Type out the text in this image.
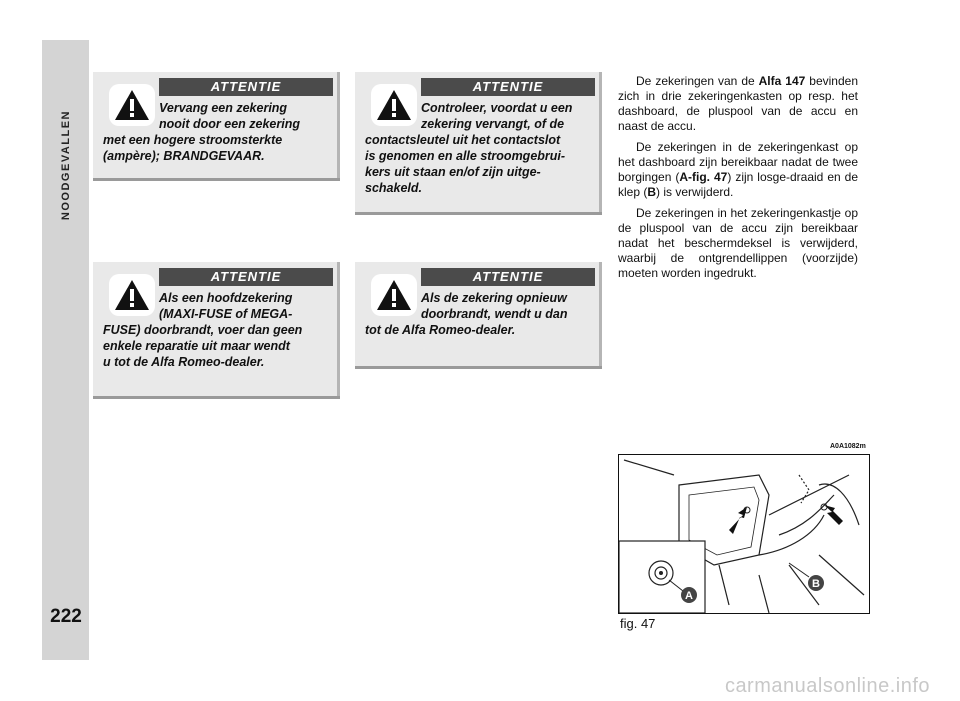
NOODGEVALLEN
222
ATTENTIE
Vervang een zekering
nooit door een zekering
met een hogere stroomsterkte
(ampère); BRANDGEVAAR.
ATTENTIE
Controleer, voordat u een
zekering vervangt, of de
contactsleutel uit het contactslot
is genomen en alle stroomgebrui-
kers uit staan en/of zijn uitge-
schakeld.
ATTENTIE
Als een hoofdzekering
(MAXI-FUSE of MEGA-
FUSE) doorbrandt, voer dan geen
enkele reparatie uit maar wendt
u tot de Alfa Romeo-dealer.
ATTENTIE
Als de zekering opnieuw
doorbrandt, wendt u dan
tot de Alfa Romeo-dealer.

De zekeringen van de Alfa 147 bevinden zich in drie zekeringenkasten op resp. het dashboard, de pluspool van de accu en naast de accu.

De zekeringen in de zekeringenkast op het dashboard zijn bereikbaar nadat de twee borgingen (A-fig. 47) zijn losge-draaid en de klep (B) is verwijderd.

De zekeringen in het zekeringenkastje op de pluspool van de accu zijn bereikbaar nadat het beschermdeksel is verwijderd, waarbij de ontgrendellippen (voorzijde) moeten worden ingedrukt.

A0A1082m
A
B
fig. 47
carmanualsonline.info
